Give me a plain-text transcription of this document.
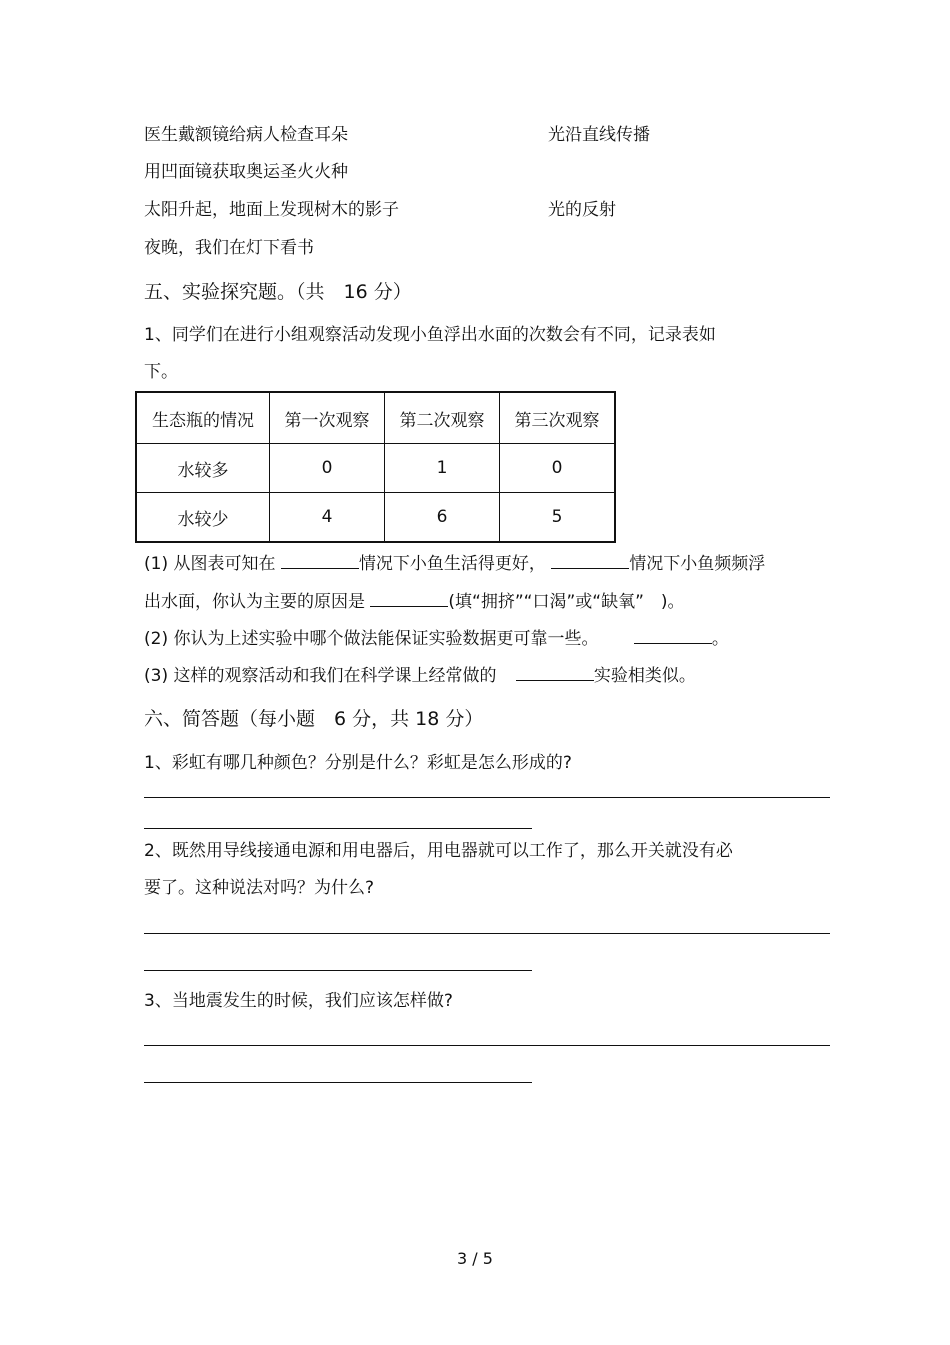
医生戴额镜给病人检查耳朵	光沿直线传播
用凹面镜获取奥运圣火火种
太阳升起，地面上发现树木的影子	光的反射
夜晚，我们在灯下看书
五、实验探究题。（共　16 分）
1、同学们在进行小组观察活动发现小鱼浮出水面的次数会有不同，记录表如
下。
生态瓶的情况	第一次观察	第二次观察	第三次观察
水较多	0	1	0
水较少	4	6	5
(1) 从图表可知在	情况下小鱼生活得更好，	情况下小鱼频频浮
出水面，你认为主要的原因是	(填“拥挤”“口渴”或“缺氧”　)。
(2) 你认为上述实验中哪个做法能保证实验数据更可靠一些。	。
(3) 这样的观察活动和我们在科学课上经常做的	实验相类似。
六、简答题（每小题　6 分，共 18 分）
1、彩虹有哪几种颜色？分别是什么？彩虹是怎么形成的?
2、既然用导线接通电源和用电器后，用电器就可以工作了，那么开关就没有必
要了。这种说法对吗？为什么?
3、当地震发生的时候，我们应该怎样做?
3 / 5
